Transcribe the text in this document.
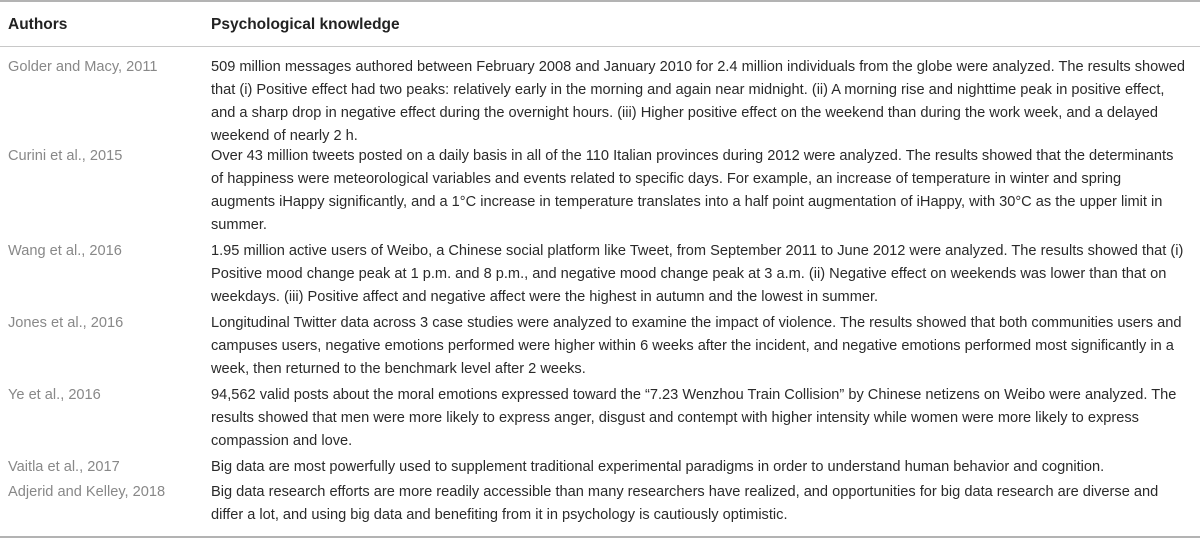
Authors	Psychological knowledge
Golder and Macy, 2011	509 million messages authored between February 2008 and January 2010 for 2.4 million individuals from the globe were analyzed. The results showed that (i) Positive effect had two peaks: relatively early in the morning and again near midnight. (ii) A morning rise and nighttime peak in positive effect, and a sharp drop in negative effect during the overnight hours. (iii) Higher positive effect on the weekend than during the work week, and a delayed weekend of nearly 2 h.
Curini et al., 2015	Over 43 million tweets posted on a daily basis in all of the 110 Italian provinces during 2012 were analyzed. The results showed that the determinants of happiness were meteorological variables and events related to specific days. For example, an increase of temperature in winter and spring augments iHappy significantly, and a 1°C increase in temperature translates into a half point augmentation of iHappy, with 30°C as the upper limit in summer.
Wang et al., 2016	1.95 million active users of Weibo, a Chinese social platform like Tweet, from September 2011 to June 2012 were analyzed. The results showed that (i) Positive mood change peak at 1 p.m. and 8 p.m., and negative mood change peak at 3 a.m. (ii) Negative effect on weekends was lower than that on weekdays. (iii) Positive affect and negative affect were the highest in autumn and the lowest in summer.
Jones et al., 2016	Longitudinal Twitter data across 3 case studies were analyzed to examine the impact of violence. The results showed that both communities users and campuses users, negative emotions performed were higher within 6 weeks after the incident, and negative emotions performed most significantly in a week, then returned to the benchmark level after 2 weeks.
Ye et al., 2016	94,562 valid posts about the moral emotions expressed toward the “7.23 Wenzhou Train Collision” by Chinese netizens on Weibo were analyzed. The results showed that men were more likely to express anger, disgust and contempt with higher intensity while women were more likely to express compassion and love.
Vaitla et al., 2017	Big data are most powerfully used to supplement traditional experimental paradigms in order to understand human behavior and cognition.
Adjerid and Kelley, 2018	Big data research efforts are more readily accessible than many researchers have realized, and opportunities for big data research are diverse and differ a lot, and using big data and benefiting from it in psychology is cautiously optimistic.
